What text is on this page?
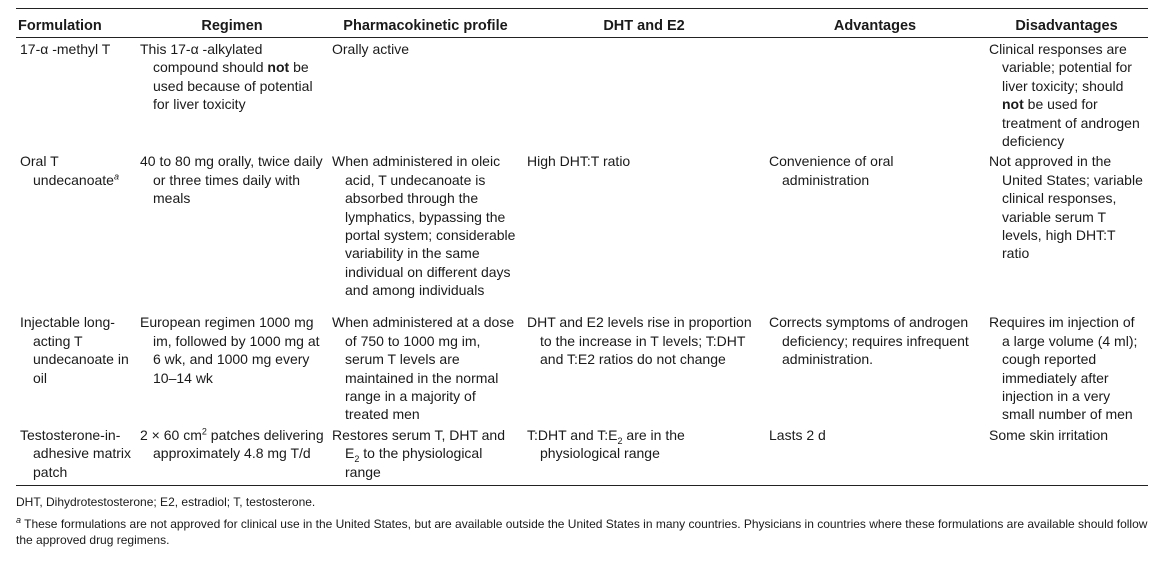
Formulation	Regimen	Pharmacokinetic profile	DHT and E2	Advantages	Disadvantages

17-α -methyl T	This 17-α -alkylated compound should not be used because of potential for liver toxicity	Orally active			Clinical responses are variable; potential for liver toxicity; should not be used for treatment of androgen deficiency

Oral T undecanoate$^a$	40 to 80 mg orally, twice daily or three times daily with meals	When administered in oleic acid, T undecanoate is absorbed through the lymphatics, bypassing the portal system; considerable variability in the same individual on different days and among individuals	High DHT:T ratio	Convenience of oral administration	Not approved in the United States; variable clinical responses, variable serum T levels, high DHT:T ratio

Injectable long-acting T undecanoate in oil	European regimen 1000 mg im, followed by 1000 mg at 6 wk, and 1000 mg every 10–14 wk	When administered at a dose of 750 to 1000 mg im, serum T levels are maintained in the normal range in a majority of treated men	DHT and E2 levels rise in proportion to the increase in T levels; T:DHT and T:E2 ratios do not change	Corrects symptoms of androgen deficiency; requires infrequent administration.	Requires im injection of a large volume (4 ml); cough reported immediately after injection in a very small number of men

Testosterone-in-adhesive matrix patch	2 × 60 $cm^2$ patches delivering approximately 4.8 mg T/d	Restores serum T, DHT and $E_2$ to the physiological range	T:DHT and $T:E_2$ are in the physiological range	Lasts 2 d	Some skin irritation

DHT, Dihydrotestosterone; E2, estradiol; T, testosterone.

$^a$ These formulations are not approved for clinical use in the United States, but are available outside the United States in many countries. Physicians in countries where these formulations are available should follow the approved drug regimens.
